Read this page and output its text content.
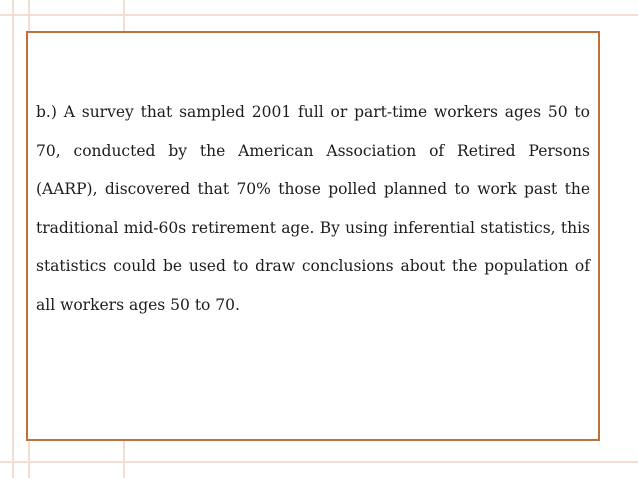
b.) A survey that sampled 2001 full or part-time workers ages 50 to 70, conducted by the American Association of Retired Persons (AARP), discovered that 70% those polled planned to work past the traditional mid-60s retirement age. By using inferential statistics, this statistics could be used to draw conclusions about the population of all workers ages 50 to 70.
